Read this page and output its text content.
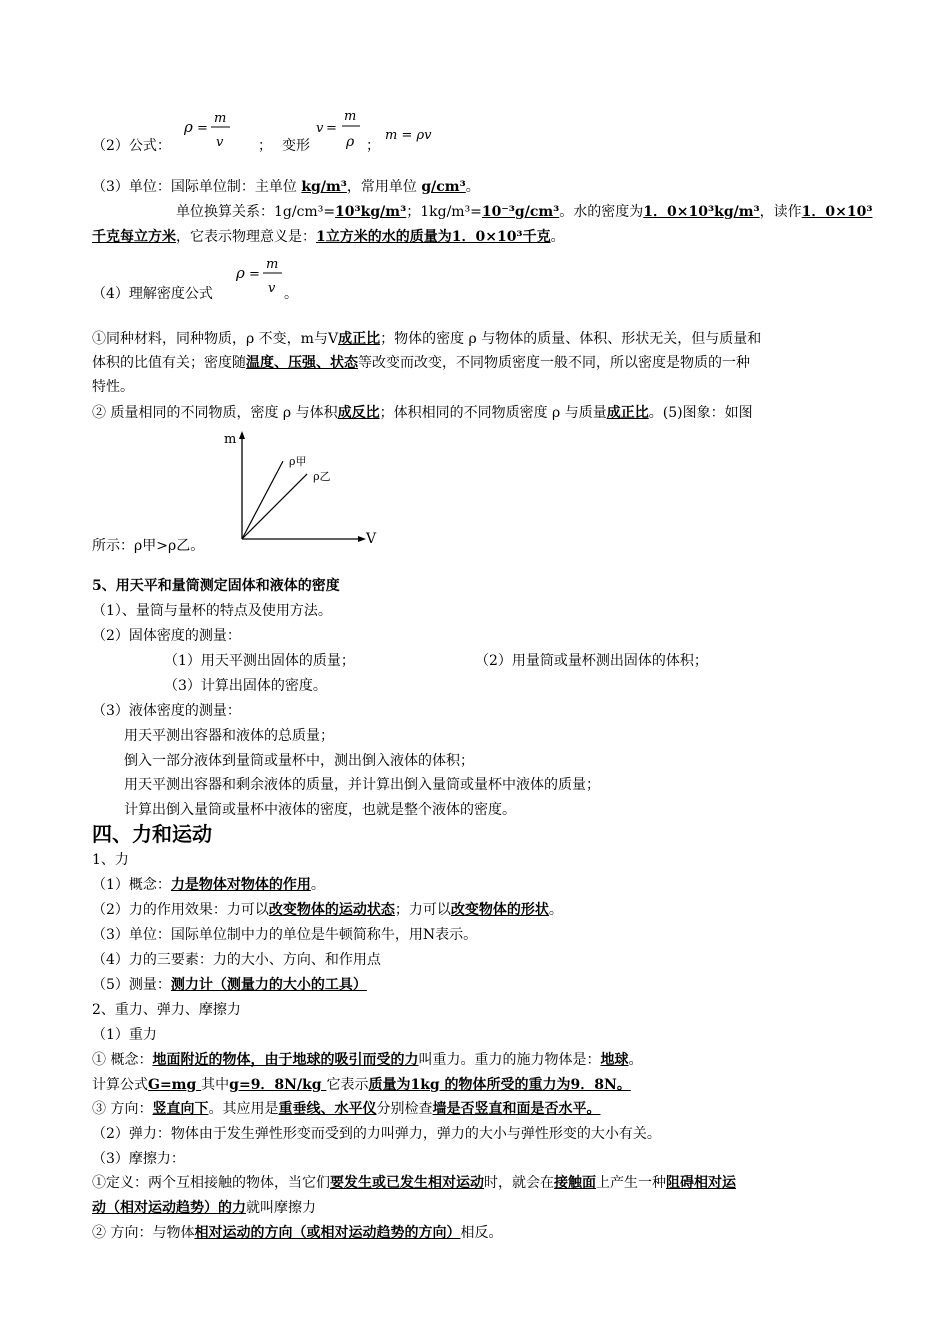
（2）公式：
ρ =
m
v ； 变形
v =
m
ρ ；
m = ρv
（3）单位：国际单位制：主单位 kg/m³，常用单位 g/cm³。
单位换算关系：1g/cm³=10³kg/m³；1kg/m³=10⁻³g/cm³。水的密度为1．0×10³kg/m³，读作1．0×10³
千克每立方米，它表示物理意义是：1立方米的水的质量为1．0×10³千克。
（4）理解密度公式
ρ =
m
v 。
①同种材料，同种物质，ρ 不变，m与V成正比；物体的密度 ρ 与物体的质量、体积、形状无关，但与质量和
体积的比值有关；密度随温度、压强、状态等改变而改变，不同物质密度一般不同，所以密度是物质的一种
特性。
② 质量相同的不同物质，密度 ρ 与体积成反比；体积相同的不同物质密度 ρ 与质量成正比。(5)图象：如图
m
V
ρ甲
ρ乙
所示：ρ甲>ρ乙。
5、用天平和量筒测定固体和液体的密度
（1）、量筒与量杯的特点及使用方法。
（2）固体密度的测量：
（1）用天平测出固体的质量；	（2）用量筒或量杯测出固体的体积；
（3）计算出固体的密度。
（3）液体密度的测量：
用天平测出容器和液体的总质量；
倒入一部分液体到量筒或量杯中，测出倒入液体的体积；
用天平测出容器和剩余液体的质量，并计算出倒入量筒或量杯中液体的质量；
计算出倒入量筒或量杯中液体的密度，也就是整个液体的密度。
四、力和运动
1、力
（1）概念：力是物体对物体的作用。
（2）力的作用效果：力可以改变物体的运动状态；力可以改变物体的形状。
（3）单位：国际单位制中力的单位是牛顿简称牛，用N表示。
（4）力的三要素：力的大小、方向、和作用点
（5）测量：测力计（测量力的大小的工具）
2、重力、弹力、摩擦力
（1）重力
① 概念：地面附近的物体，由于地球的吸引而受的力叫重力。重力的施力物体是：地球。
计算公式G=mg 其中g=9．8N/kg 它表示质量为1kg 的物体所受的重力为9．8N。
③ 方向：竖直向下。其应用是重垂线、水平仪分别检查墙是否竖直和面是否水平。
（2）弹力：物体由于发生弹性形变而受到的力叫弹力，弹力的大小与弹性形变的大小有关。
（3）摩擦力：
①定义：两个互相接触的物体，当它们要发生或已发生相对运动时，就会在接触面上产生一种阻碍相对运
动（相对运动趋势）的力就叫摩擦力
② 方向：与物体相对运动的方向（或相对运动趋势的方向）相反。
